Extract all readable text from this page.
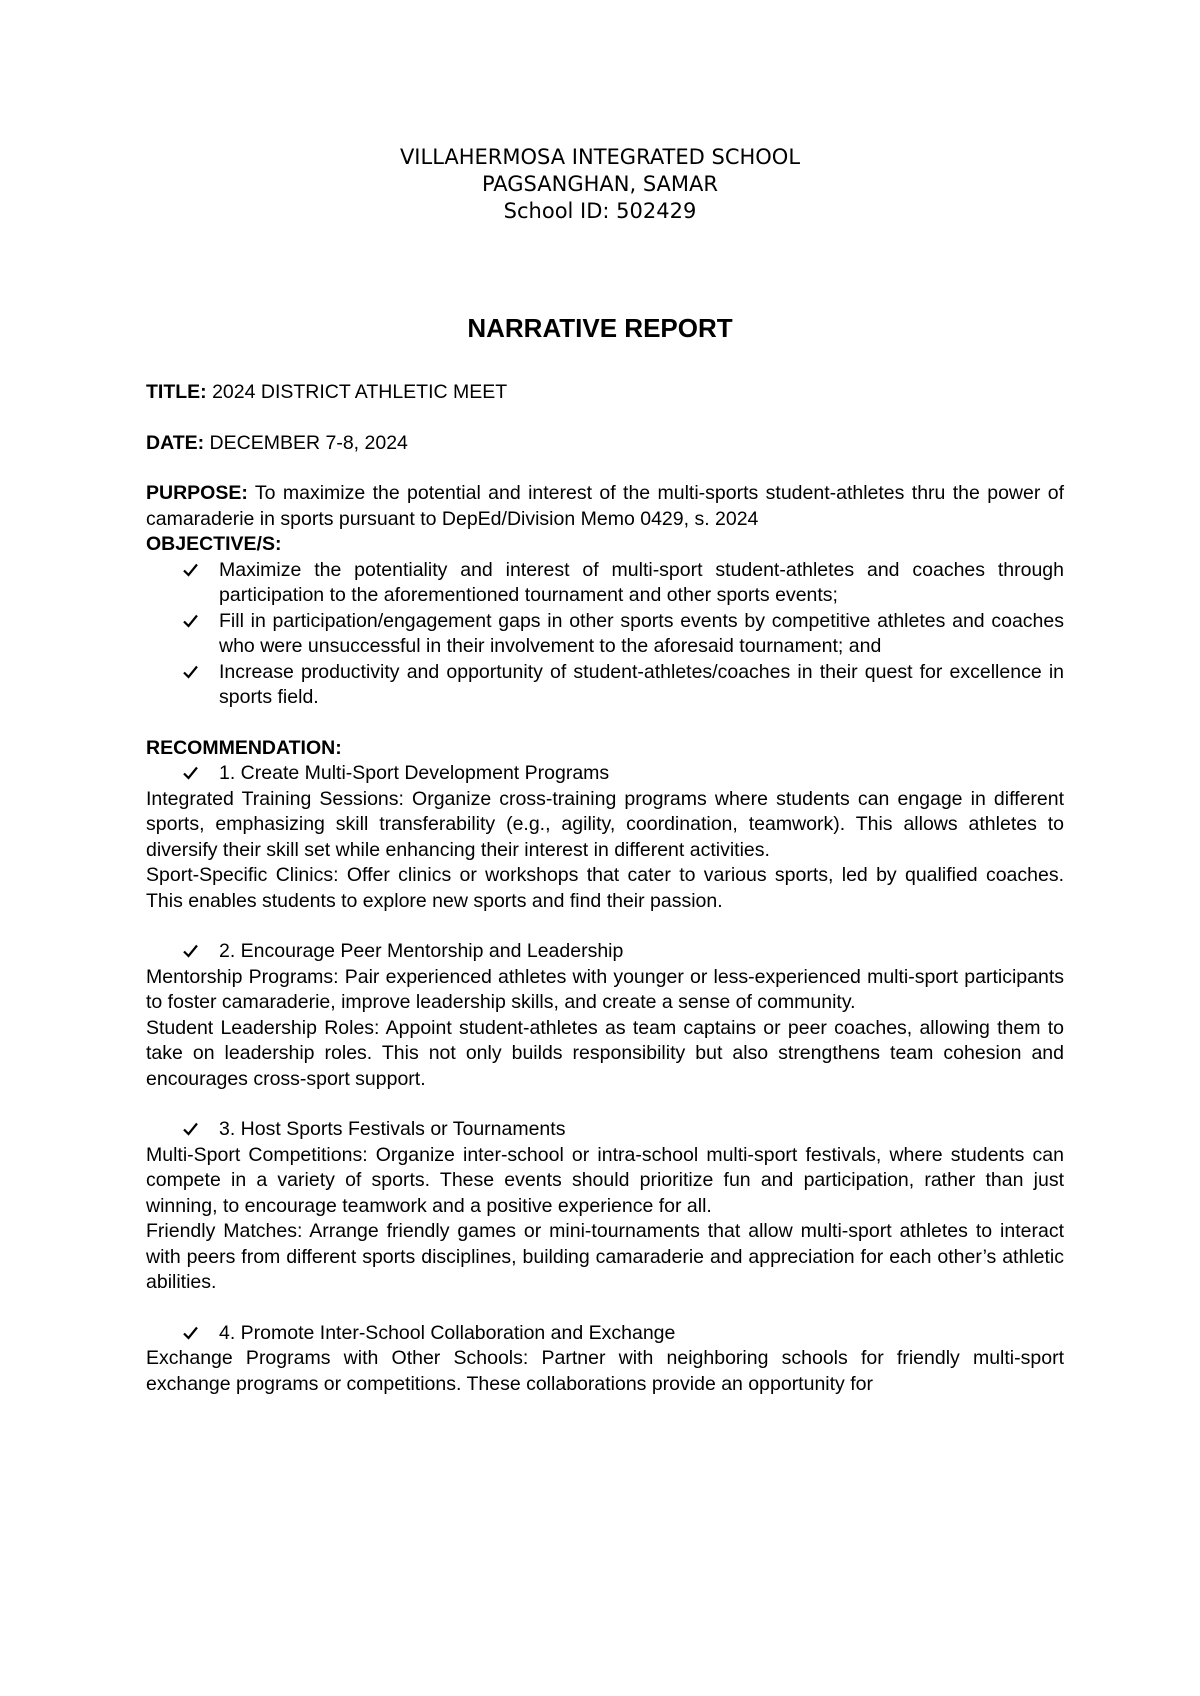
VILLAHERMOSA INTEGRATED SCHOOL
PAGSANGHAN, SAMAR
School ID: 502429
NARRATIVE REPORT

TITLE: 2024 DISTRICT ATHLETIC MEET

DATE: DECEMBER 7-8, 2024

PURPOSE: To maximize the potential and interest of the multi-sports student-athletes thru the power of camaraderie in sports pursuant to DepEd/Division Memo 0429, s. 2024

OBJECTIVE/S:

Maximize the potentiality and interest of multi-sport student-athletes and coaches through participation to the aforementioned tournament and other sports events;
Fill in participation/engagement gaps in other sports events by competitive athletes and coaches who were unsuccessful in their involvement to the aforesaid tournament; and
Increase productivity and opportunity of student-athletes/coaches in their quest for excellence in sports field.

RECOMMENDATION:

1. Create Multi-Sport Development Programs

Integrated Training Sessions: Organize cross-training programs where students can engage in different sports, emphasizing skill transferability (e.g., agility, coordination, teamwork). This allows athletes to diversify their skill set while enhancing their interest in different activities.

Sport-Specific Clinics: Offer clinics or workshops that cater to various sports, led by qualified coaches. This enables students to explore new sports and find their passion.

2. Encourage Peer Mentorship and Leadership

Mentorship Programs: Pair experienced athletes with younger or less-experienced multi-sport participants to foster camaraderie, improve leadership skills, and create a sense of community.

Student Leadership Roles: Appoint student-athletes as team captains or peer coaches, allowing them to take on leadership roles. This not only builds responsibility but also strengthens team cohesion and encourages cross-sport support.

3. Host Sports Festivals or Tournaments

Multi-Sport Competitions: Organize inter-school or intra-school multi-sport festivals, where students can compete in a variety of sports. These events should prioritize fun and participation, rather than just winning, to encourage teamwork and a positive experience for all.

Friendly Matches: Arrange friendly games or mini-tournaments that allow multi-sport athletes to interact with peers from different sports disciplines, building camaraderie and appreciation for each other’s athletic abilities.

4. Promote Inter-School Collaboration and Exchange

Exchange Programs with Other Schools: Partner with neighboring schools for friendly multi-sport exchange programs or competitions. These collaborations provide an opportunity for
